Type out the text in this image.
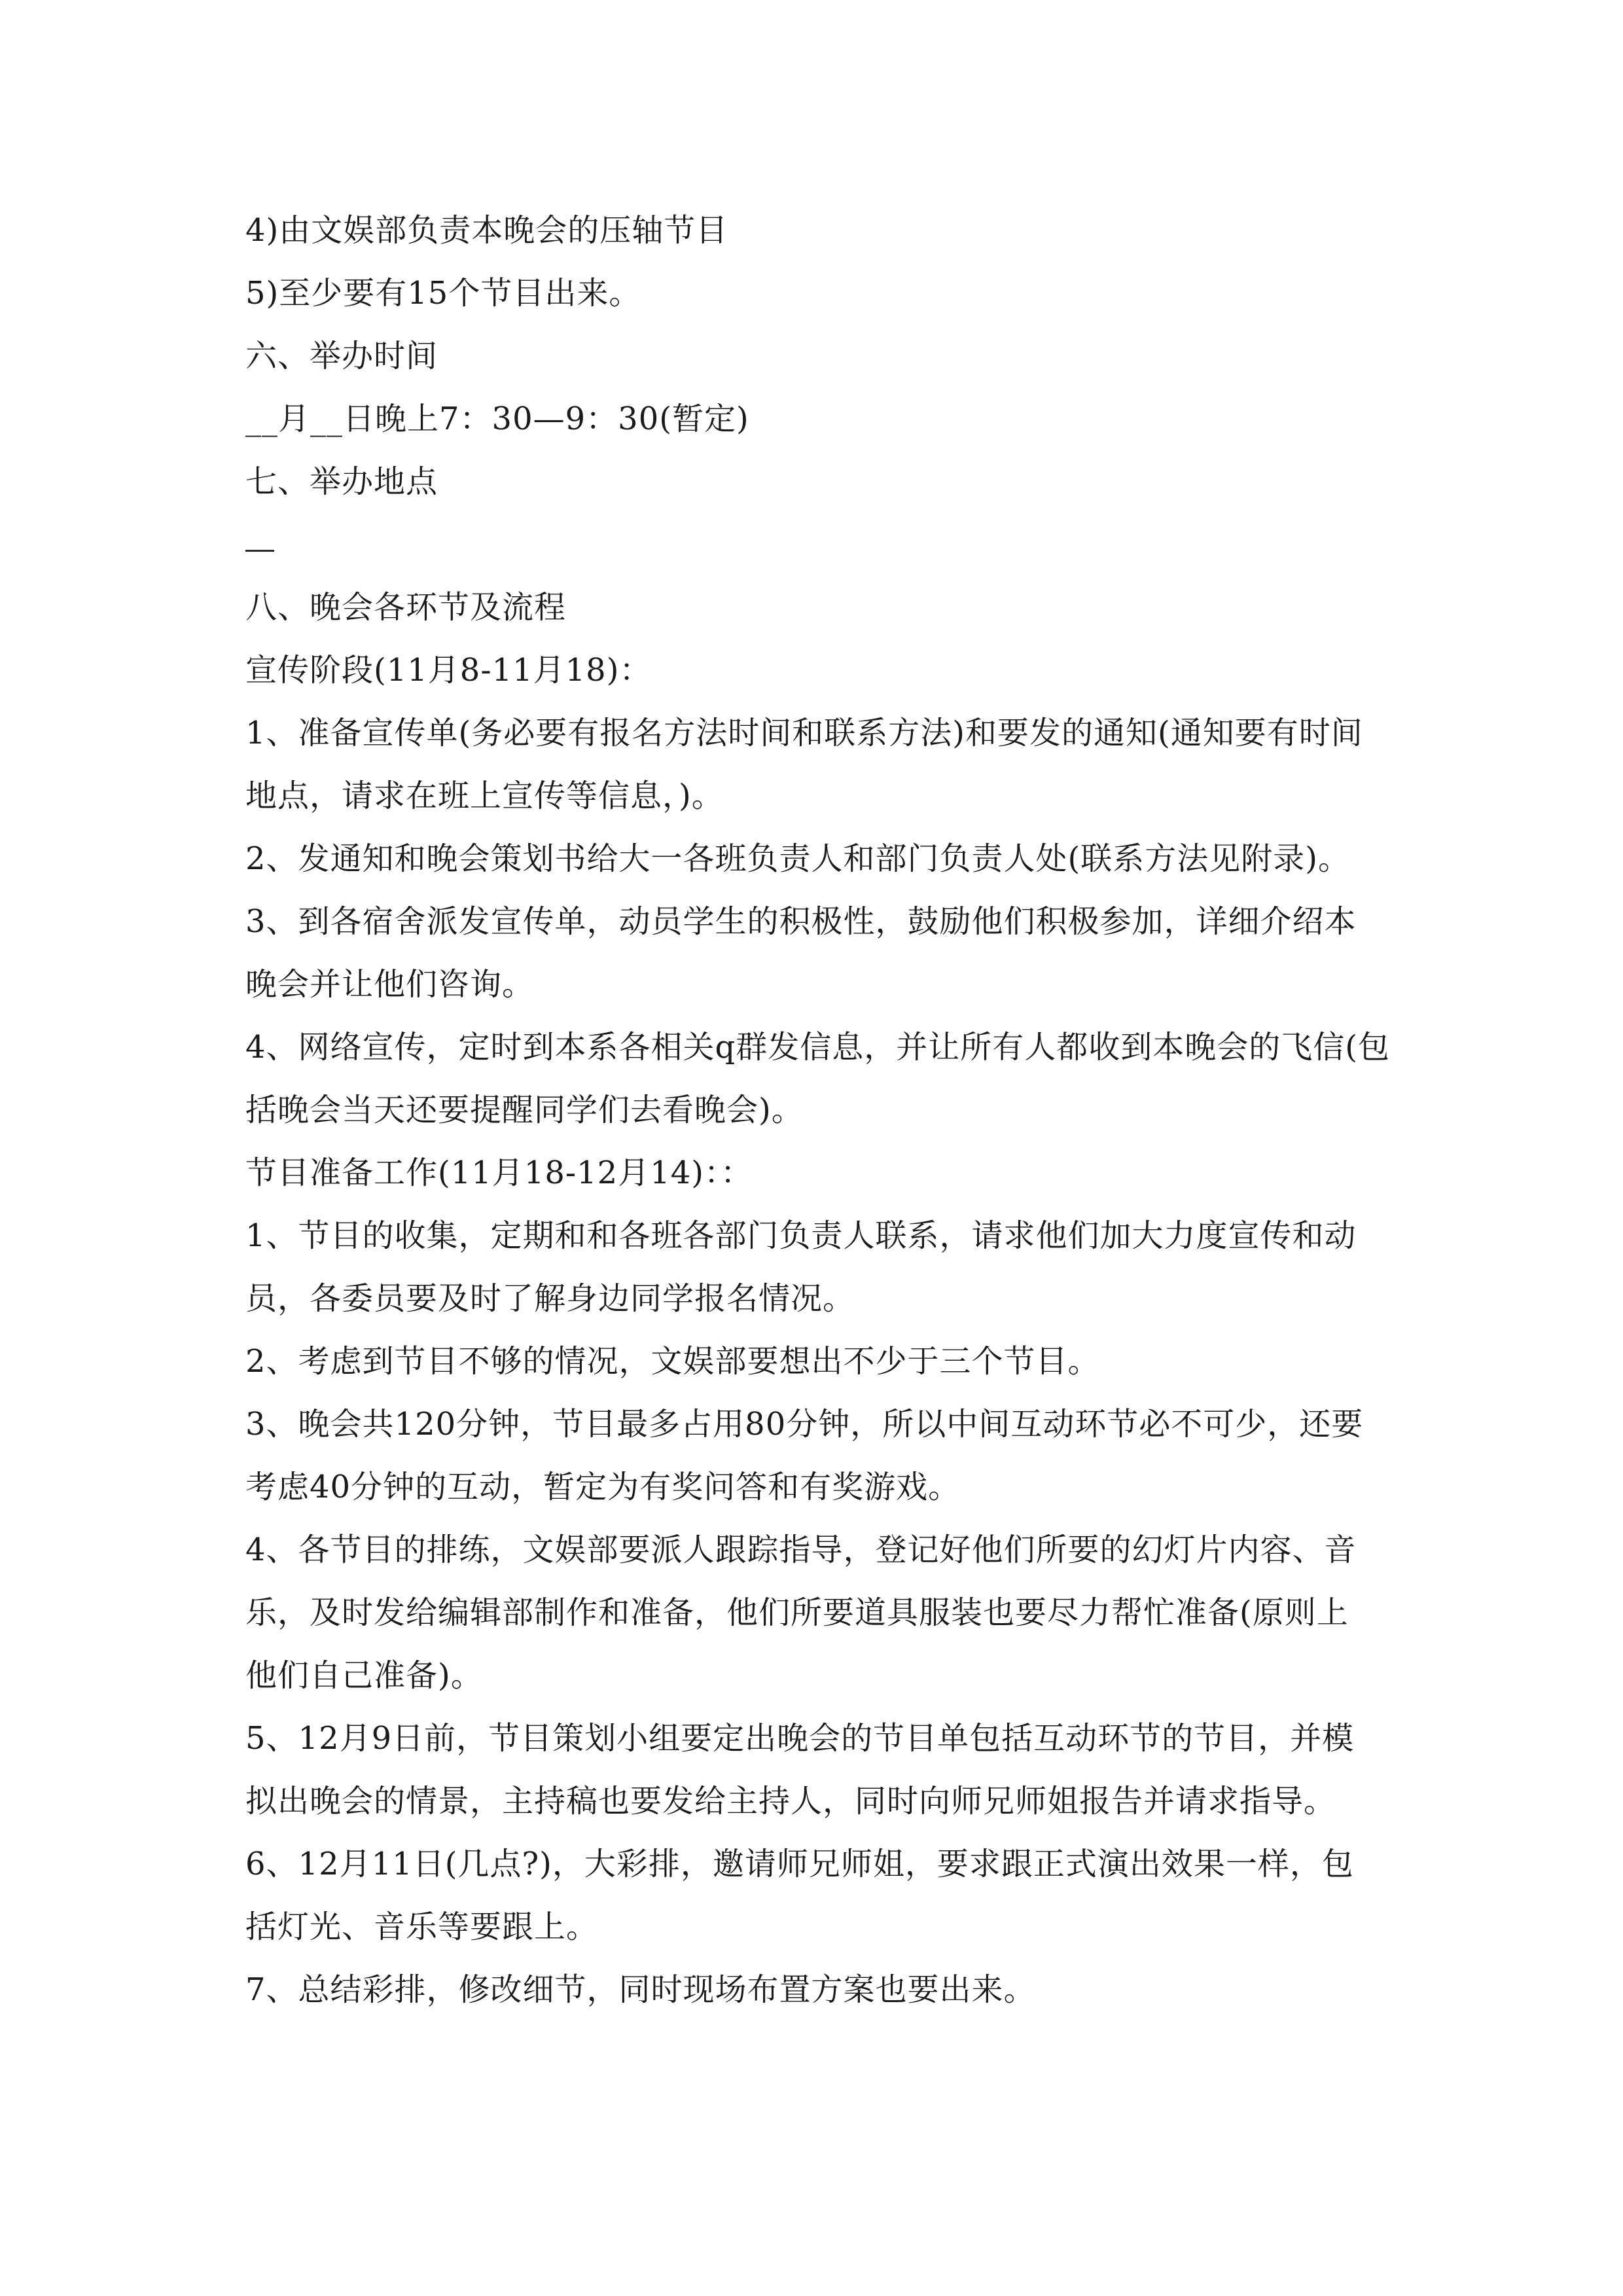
4)由文娱部负责本晚会的压轴节目
5)至少要有15个节目出来。
六、举办时间
__月__日晚上7：30—9：30(暂定)
七、举办地点
八、晚会各环节及流程
宣传阶段(11月8-11月18)：
1、准备宣传单(务必要有报名方法时间和联系方法)和要发的通知(通知要有时间
地点，请求在班上宣传等信息，)。
2、发通知和晚会策划书给大一各班负责人和部门负责人处(联系方法见附录)。
3、到各宿舍派发宣传单，动员学生的积极性，鼓励他们积极参加，详细介绍本
晚会并让他们咨询。
4、网络宣传，定时到本系各相关q群发信息，并让所有人都收到本晚会的飞信(包
括晚会当天还要提醒同学们去看晚会)。
节目准备工作(11月18-12月14)：：
1、节目的收集，定期和和各班各部门负责人联系，请求他们加大力度宣传和动
员，各委员要及时了解身边同学报名情况。
2、考虑到节目不够的情况，文娱部要想出不少于三个节目。
3、晚会共120分钟，节目最多占用80分钟，所以中间互动环节必不可少，还要
考虑40分钟的互动，暂定为有奖问答和有奖游戏。
4、各节目的排练，文娱部要派人跟踪指导，登记好他们所要的幻灯片内容、音
乐，及时发给编辑部制作和准备，他们所要道具服装也要尽力帮忙准备(原则上
他们自己准备)。
5、12月9日前，节目策划小组要定出晚会的节目单包括互动环节的节目，并模
拟出晚会的情景，主持稿也要发给主持人，同时向师兄师姐报告并请求指导。
6、12月11日(几点?)，大彩排，邀请师兄师姐，要求跟正式演出效果一样，包
括灯光、音乐等要跟上。
7、总结彩排，修改细节，同时现场布置方案也要出来。
